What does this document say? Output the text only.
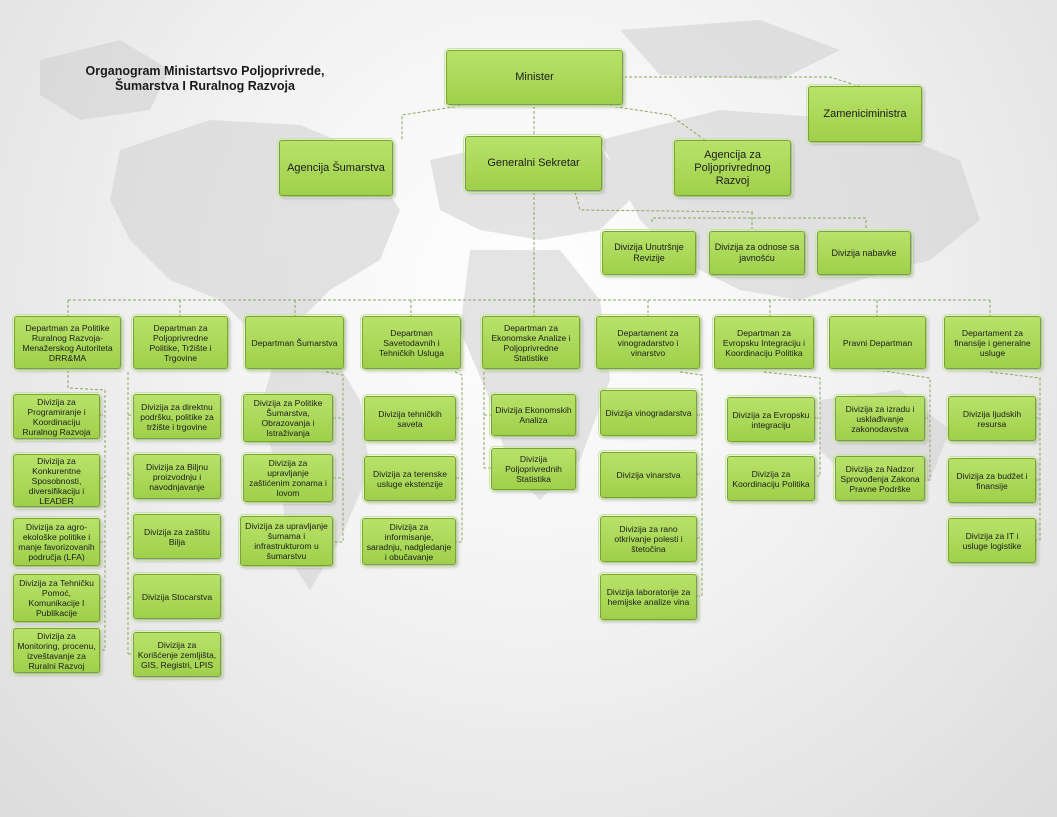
Organogram Ministartsvo Poljoprivrede,
Šumarstva I Ruralnog Razvoja
Minister
Zameniciministra
Agencija Šumarstva	Generalni Sekretar
Agencija za Poljoprivrednog Razvoj
Divizija Unutršnje Revizije
Divizija za odnose sa javnošću
Divizija nabavke
Departman za Politike Ruralnog Razvoja- Menažerskog Autoriteta DRR&MA
Departman za Poljoprivredne Politike, Tržište i Trgovine
Departman Šumarstva
Departman Savetodavnih i Tehničkih Usluga
Departman za Ekonomske Analize i Poljoprivredne Statistike
Departament za vinogradarstvo i vinarstvo
Departman za Evropsku Integraciju i Koordinaciju Politika
Pravni Departman
Departament za finansije i generalne usluge
Divizija za Programiranje i Koordinaciju Ruralnog Razvoja
Divizija za Konkurentne Sposobnosti, diversifikaciju i LEADER
Divizija za agro-ekološke politike i manje favorizovanih područja (LFA)
Divizija za Tehničku Pomoć, Komunikacije I Publikacije
Divizija za Monitoring, procenu, izveštavanje za Ruralni Razvoj
Divizija za direktnu podršku, politike za tržište i trgovine
Divizija za Biljnu proizvodnju i navodnjavanje
Divizija za zaštitu Bilja
Divizija Stocarstva
Divizija za Korišćenje zemljišta, GIS, Registri, LPIS
Divizija za Politike Šumarstva, Obrazovanja i Istraživanja
Divizija za upravljanje zaštićenim zonama i lovom
Divizija za upravljanje šumama i infrastrukturom u šumarstvu
Divizija tehničkih saveta
Divizija za terenske usluge ekstenzije
Divizija za informisanje, saradnju, nadgledanje i obučavanje
Divizija Ekonomskih Analiza
Divizija Poljoprivrednih Statistika
Divizija vinogradarstva
Divizija vinarstva
Divizija za rano otkrivanje polesti i štetočina
Divizija laboratorije za hemijske analize vina
Divizija za Evropsku integraciju
Divizija za Koordinaciju Politika
Divizija za izradu i usklađivanje zakonodavstva
Divizija za Nadzor Sprovođenja Zakona Pravne Podrške
Divizija ljudskih resursa
Divizija za budžet i finansije
Divizija za IT i usluge logistike
